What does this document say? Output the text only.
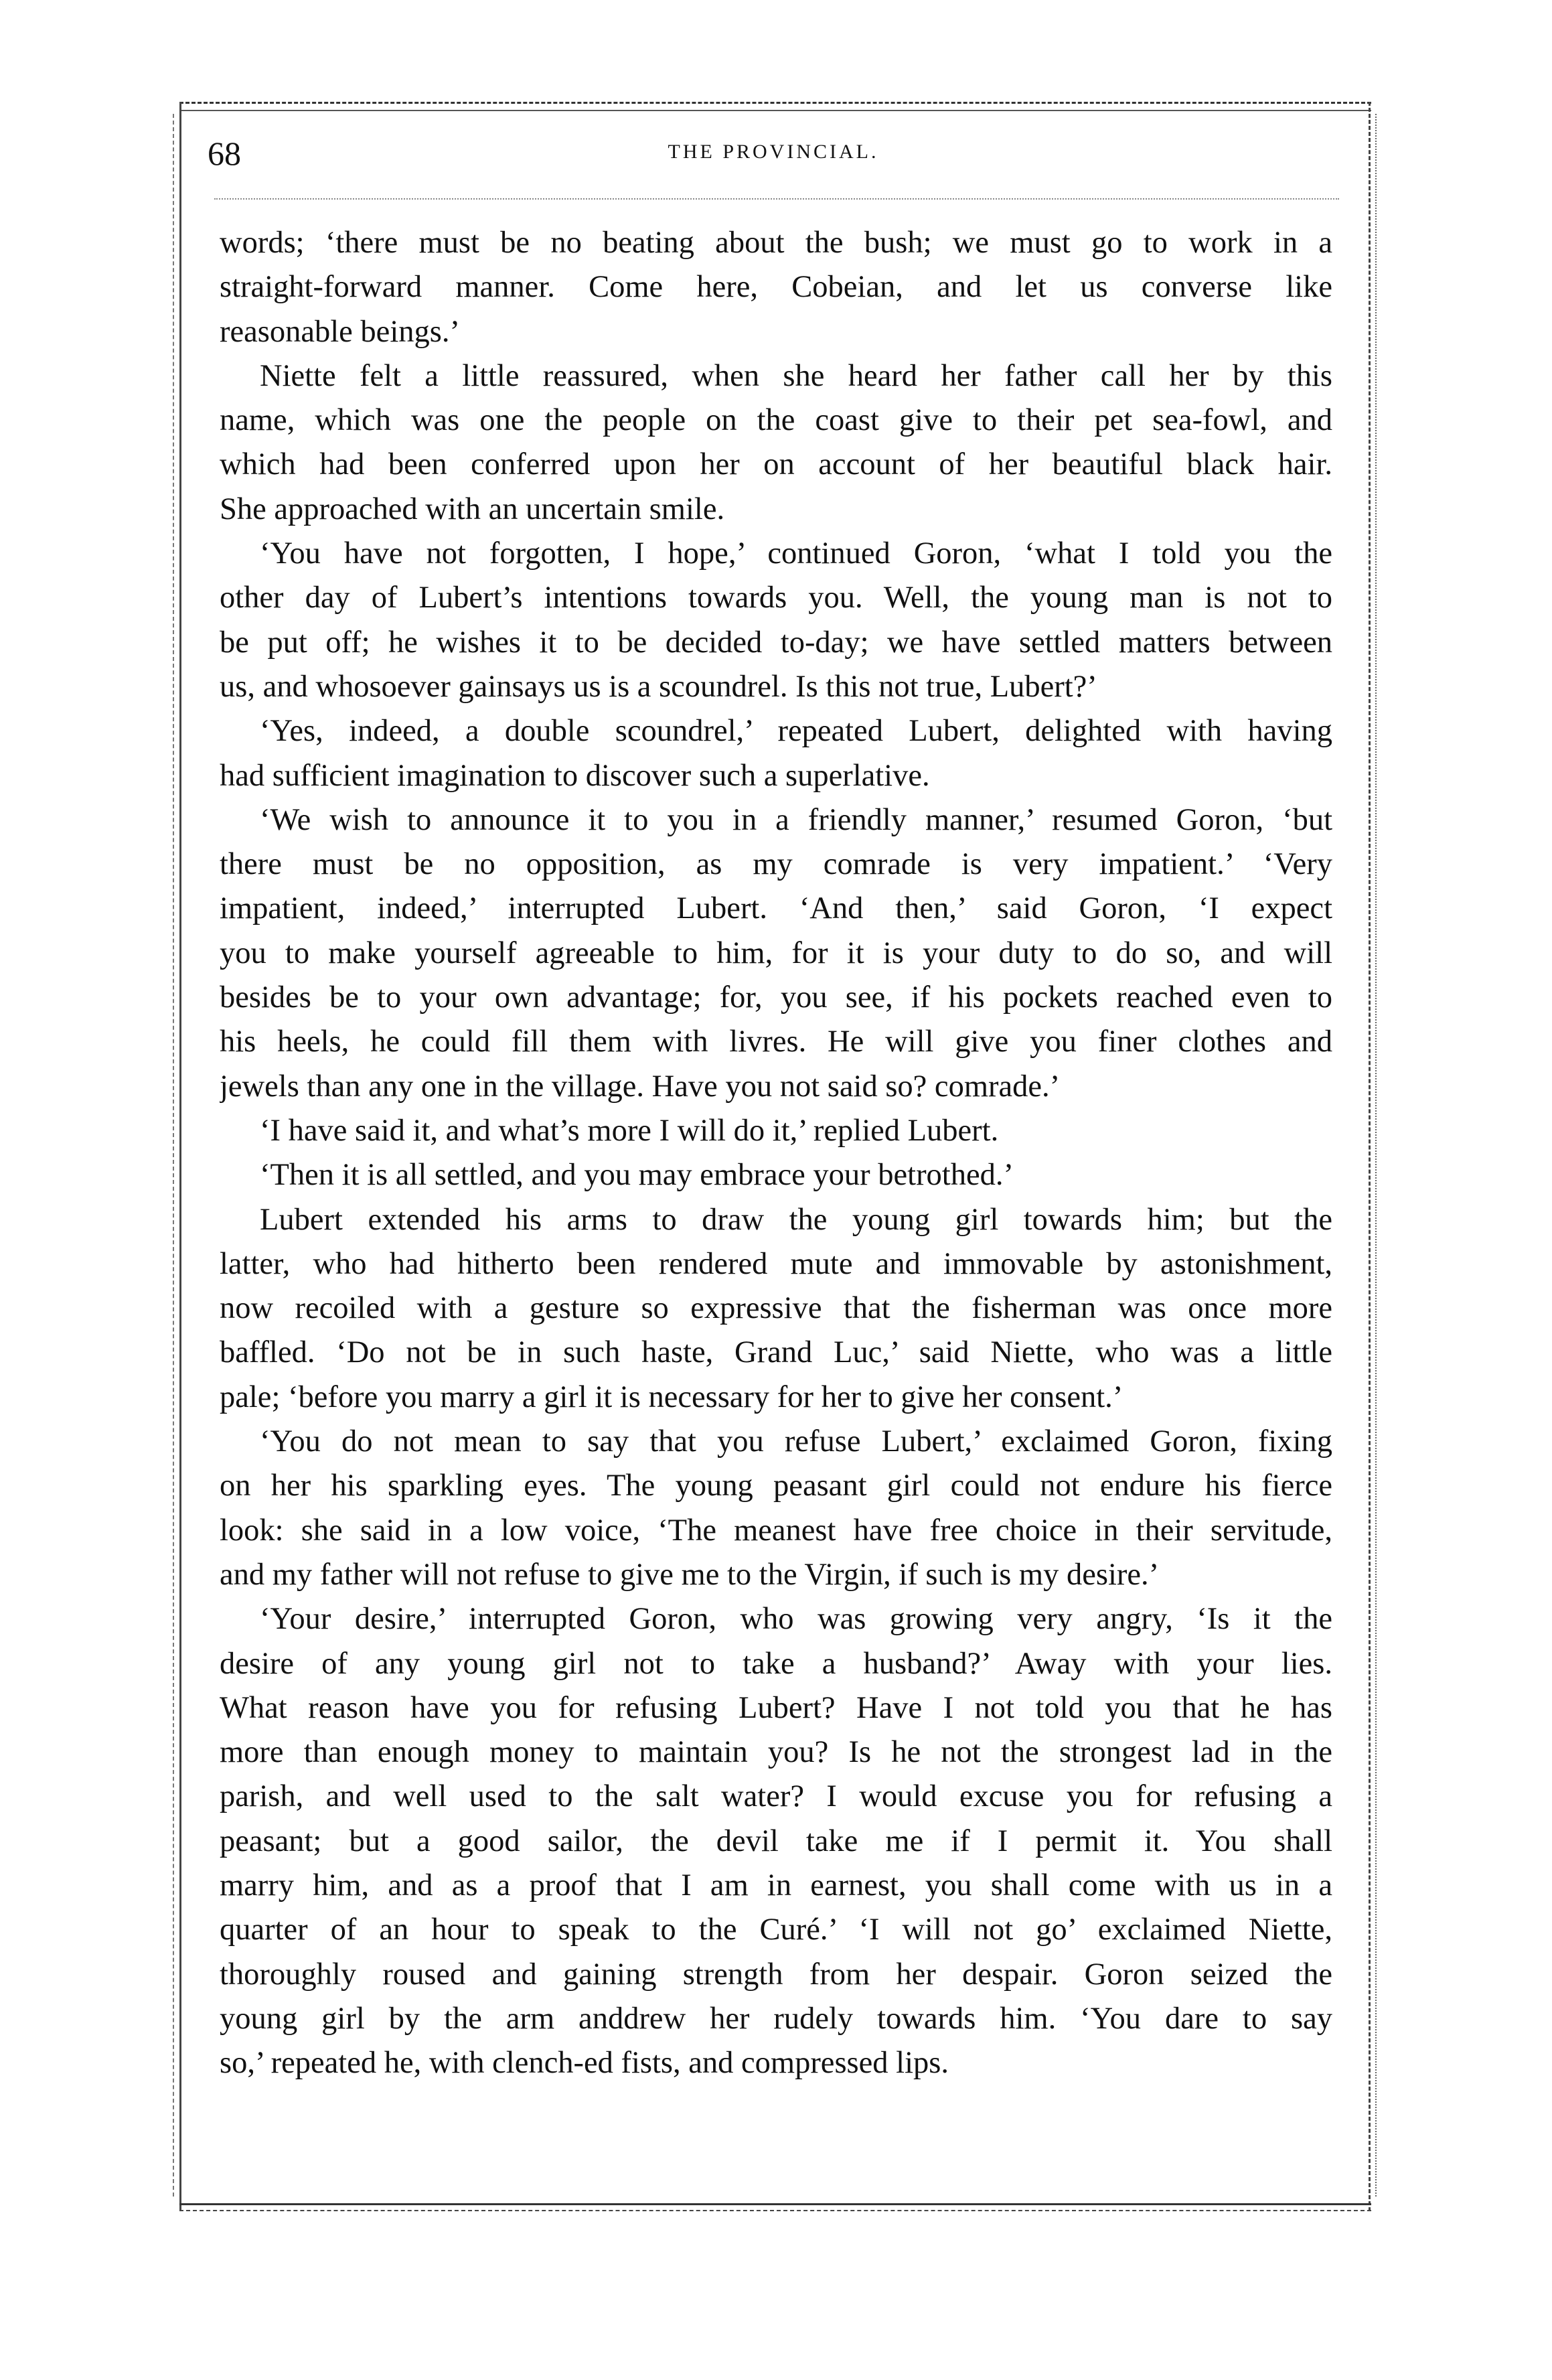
68	THE PROVINCIAL.
words; ‘there must be no beating about the bush; we must go to work in a
straight-forward manner. Come here, Cobeian, and let us converse like
reasonable beings.’
Niette felt a little reassured, when she heard her father call her by this
name, which was one the people on the coast give to their pet sea-fowl, and
which had been conferred upon her on account of her beautiful black hair.
She approached with an uncertain smile.
‘You have not forgotten, I hope,’ continued Goron, ‘what I told you the
other day of Lubert’s intentions towards you. Well, the young man is not to
be put off; he wishes it to be decided to-day; we have settled matters between
us, and whosoever gainsays us is a scoundrel. Is this not true, Lubert?’
‘Yes, indeed, a double scoundrel,’ repeated Lubert, delighted with having
had sufficient imagination to discover such a superlative.
‘We wish to announce it to you in a friendly manner,’ resumed Goron, ‘but
there must be no opposition, as my comrade is very impatient.’ ‘Very
impatient, indeed,’ interrupted Lubert. ‘And then,’ said Goron, ‘I expect
you to make yourself agreeable to him, for it is your duty to do so, and will
besides be to your own advantage; for, you see, if his pockets reached even to
his heels, he could fill them with livres. He will give you finer clothes and
jewels than any one in the village. Have you not said so? comrade.’
‘I have said it, and what’s more I will do it,’ replied Lubert.
‘Then it is all settled, and you may embrace your betrothed.’
Lubert extended his arms to draw the young girl towards him; but the
latter, who had hitherto been rendered mute and immovable by astonishment,
now recoiled with a gesture so expressive that the fisherman was once more
baffled. ‘Do not be in such haste, Grand Luc,’ said Niette, who was a little
pale; ‘before you marry a girl it is necessary for her to give her consent.’
‘You do not mean to say that you refuse Lubert,’ exclaimed Goron, fixing
on her his sparkling eyes. The young peasant girl could not endure his fierce
look: she said in a low voice, ‘The meanest have free choice in their servitude,
and my father will not refuse to give me to the Virgin, if such is my desire.’
‘Your desire,’ interrupted Goron, who was growing very angry, ‘Is it the
desire of any young girl not to take a husband?’ Away with your lies.
What reason have you for refusing Lubert? Have I not told you that he has
more than enough money to maintain you? Is he not the strongest lad in the
parish, and well used to the salt water? I would excuse you for refusing a
peasant; but a good sailor, the devil take me if I permit it. You shall
marry him, and as a proof that I am in earnest, you shall come with us in a
quarter of an hour to speak to the Curé.’ ‘I will not go’ exclaimed Niette,
thoroughly roused and gaining strength from her despair. Goron seized the
young girl by the arm anddrew her rudely towards him. ‘You dare to say
so,’ repeated he, with clench-ed fists, and compressed lips.
